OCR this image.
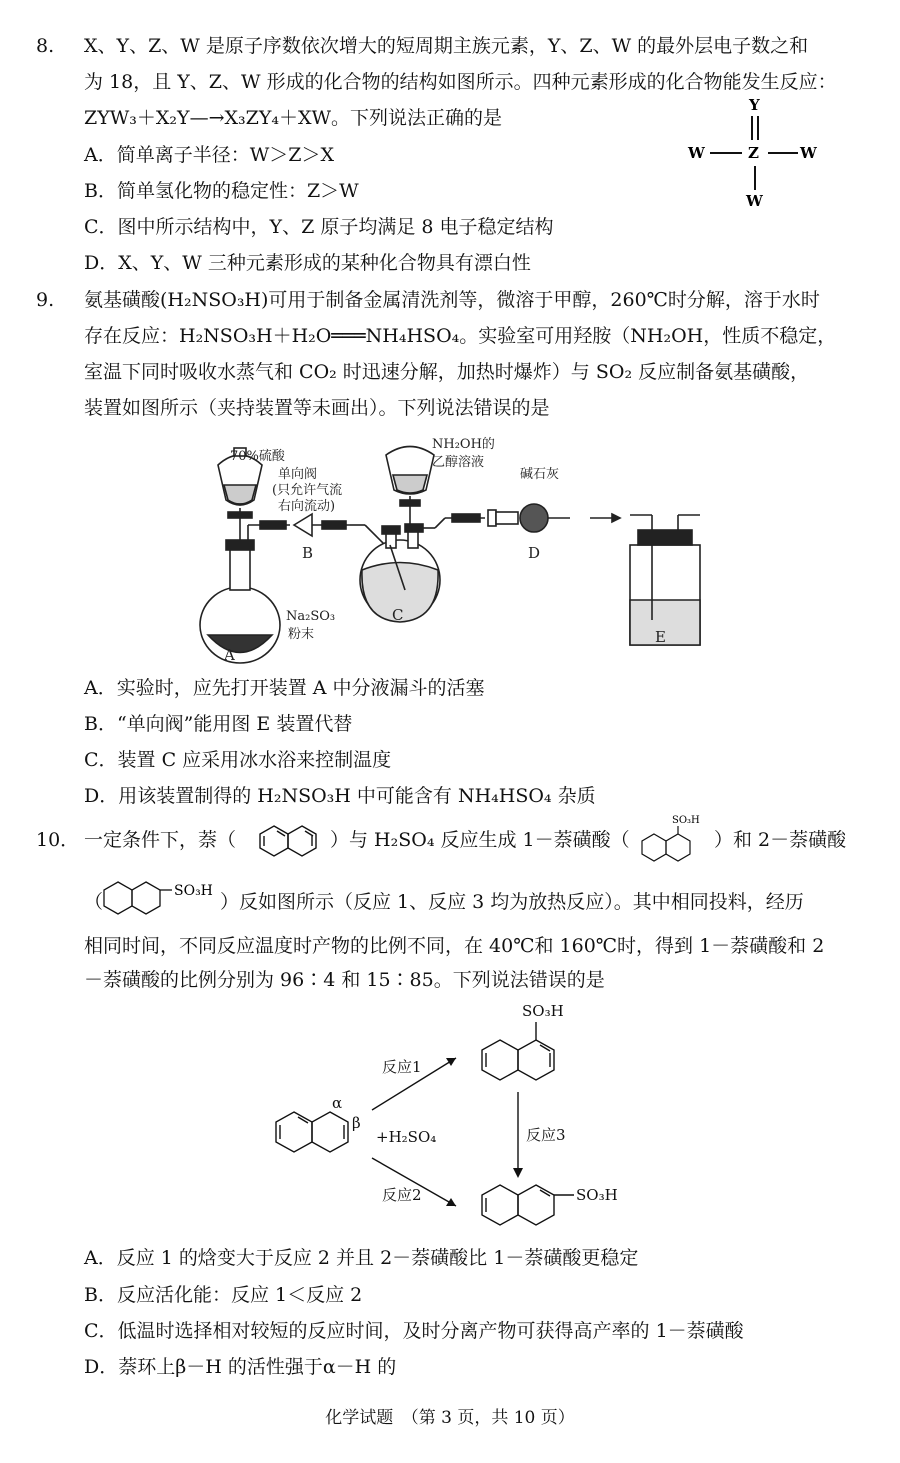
8. X、Y、Z、W 是原子序数依次增大的短周期主族元素，Y、Z、W 的最外层电子数之和
为 18，且 Y、Z、W 形成的化合物的结构如图所示。四种元素形成的化合物能发生反应：
ZYW₃＋X₂Y—→X₃ZY₄＋XW。下列说法正确的是
A．简单离子半径：W＞Z＞X
B．简单氢化物的稳定性：Z＞W
C．图中所示结构中，Y、Z 原子均满足 8 电子稳定结构
D．X、Y、W 三种元素形成的某种化合物具有漂白性
Y
W	Z	W
W
9. 氨基磺酸(H₂NSO₃H)可用于制备金属清洗剂等，微溶于甲醇，260℃时分解，溶于水时
存在反应：H₂NSO₃H＋H₂O═══NH₄HSO₄。实验室可用羟胺（NH₂OH，性质不稳定，
室温下同时吸收水蒸气和 CO₂ 时迅速分解，加热时爆炸）与 SO₂ 反应制备氨基磺酸，
装置如图所示（夹持装置等未画出）。下列说法错误的是
70%硫酸
单向阀
(只允许气流
右向流动)
NH₂OH的
乙醇溶液
碱石灰
Na₂SO₃
粉末
A
B
C
D
E
A．实验时，应先打开装置 A 中分液漏斗的活塞
B．“单向阀”能用图 E 装置代替
C．装置 C 应采用冰水浴来控制温度
D．用该装置制得的 H₂NSO₃H 中可能含有 NH₄HSO₄ 杂质
10． 一定条件下，萘（	）与 H₂SO₄ 反应生成 1－萘磺酸（
SO₃H
）和 2－萘磺酸
（	SO₃H ）反如图所示（反应 1、反应 3 均为放热反应）。其中相同投料，经历
相同时间，不同反应温度时产物的比例不同，在 40℃和 160℃时，得到 1－萘磺酸和 2
－萘磺酸的比例分别为 96∶4 和 15∶85。下列说法错误的是
反应1
反应2
反应3
+H₂SO₄
α
β
SO₃H
SO₃H
A．反应 1 的焓变大于反应 2 并且 2－萘磺酸比 1－萘磺酸更稳定
B．反应活化能：反应 1＜反应 2
C．低温时选择相对较短的反应时间，及时分离产物可获得高产率的 1－萘磺酸
D．萘环上β－H 的活性强于α－H 的
化学试题　（第 3 页，共 10 页）
